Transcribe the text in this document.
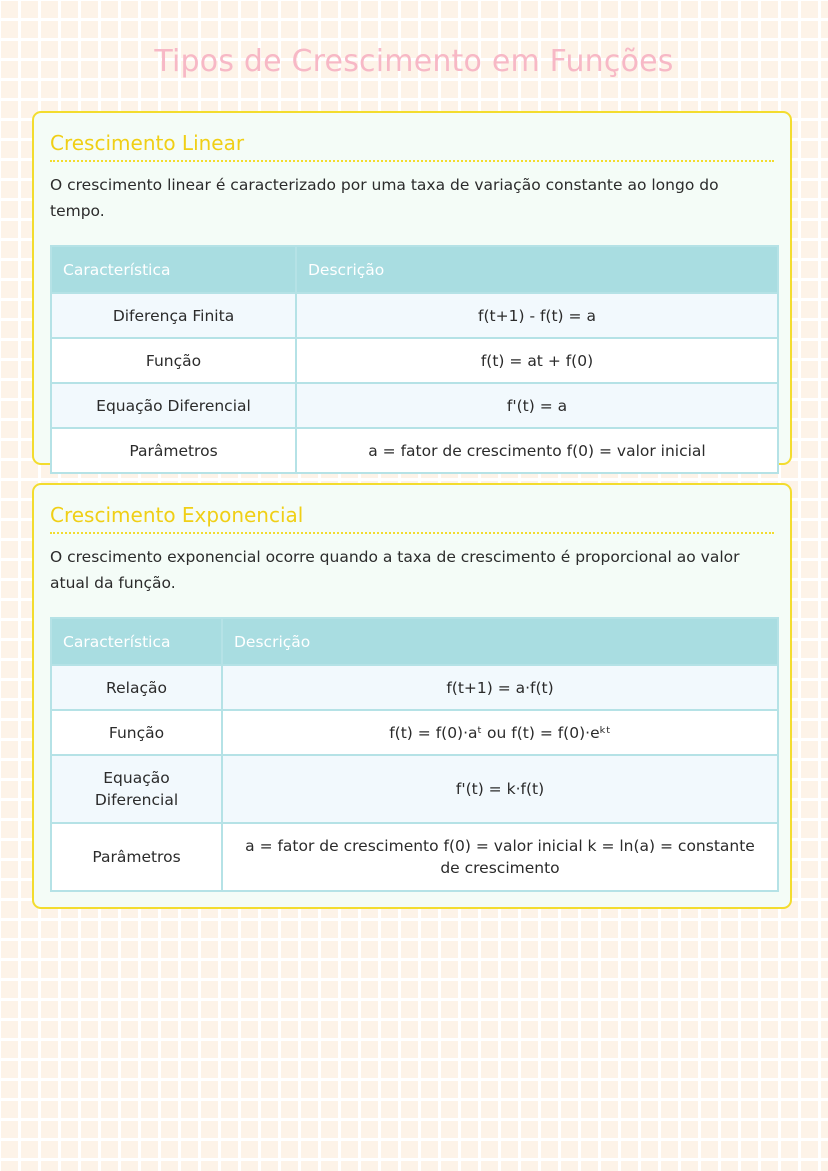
Tipos de Crescimento em Funções
Crescimento Linear

O crescimento linear é caracterizado por uma taxa de variação constante ao longo do tempo.

Característica	Descrição
Diferença Finita	f(t+1) - f(t) = a
Função	f(t) = at + f(0)
Equação Diferencial	f'(t) = a
Parâmetros	a = fator de crescimento f(0) = valor inicial
Crescimento Exponencial

O crescimento exponencial ocorre quando a taxa de crescimento é proporcional ao valor atual da função.

Característica	Descrição
Relação	f(t+1) = a·f(t)
Função	f(t) = f(0)·aᵗ ou f(t) = f(0)·eᵏᵗ
Equação Diferencial	f'(t) = k·f(t)
Parâmetros	a = fator de crescimento f(0) = valor inicial k = ln(a) = constante de crescimento
